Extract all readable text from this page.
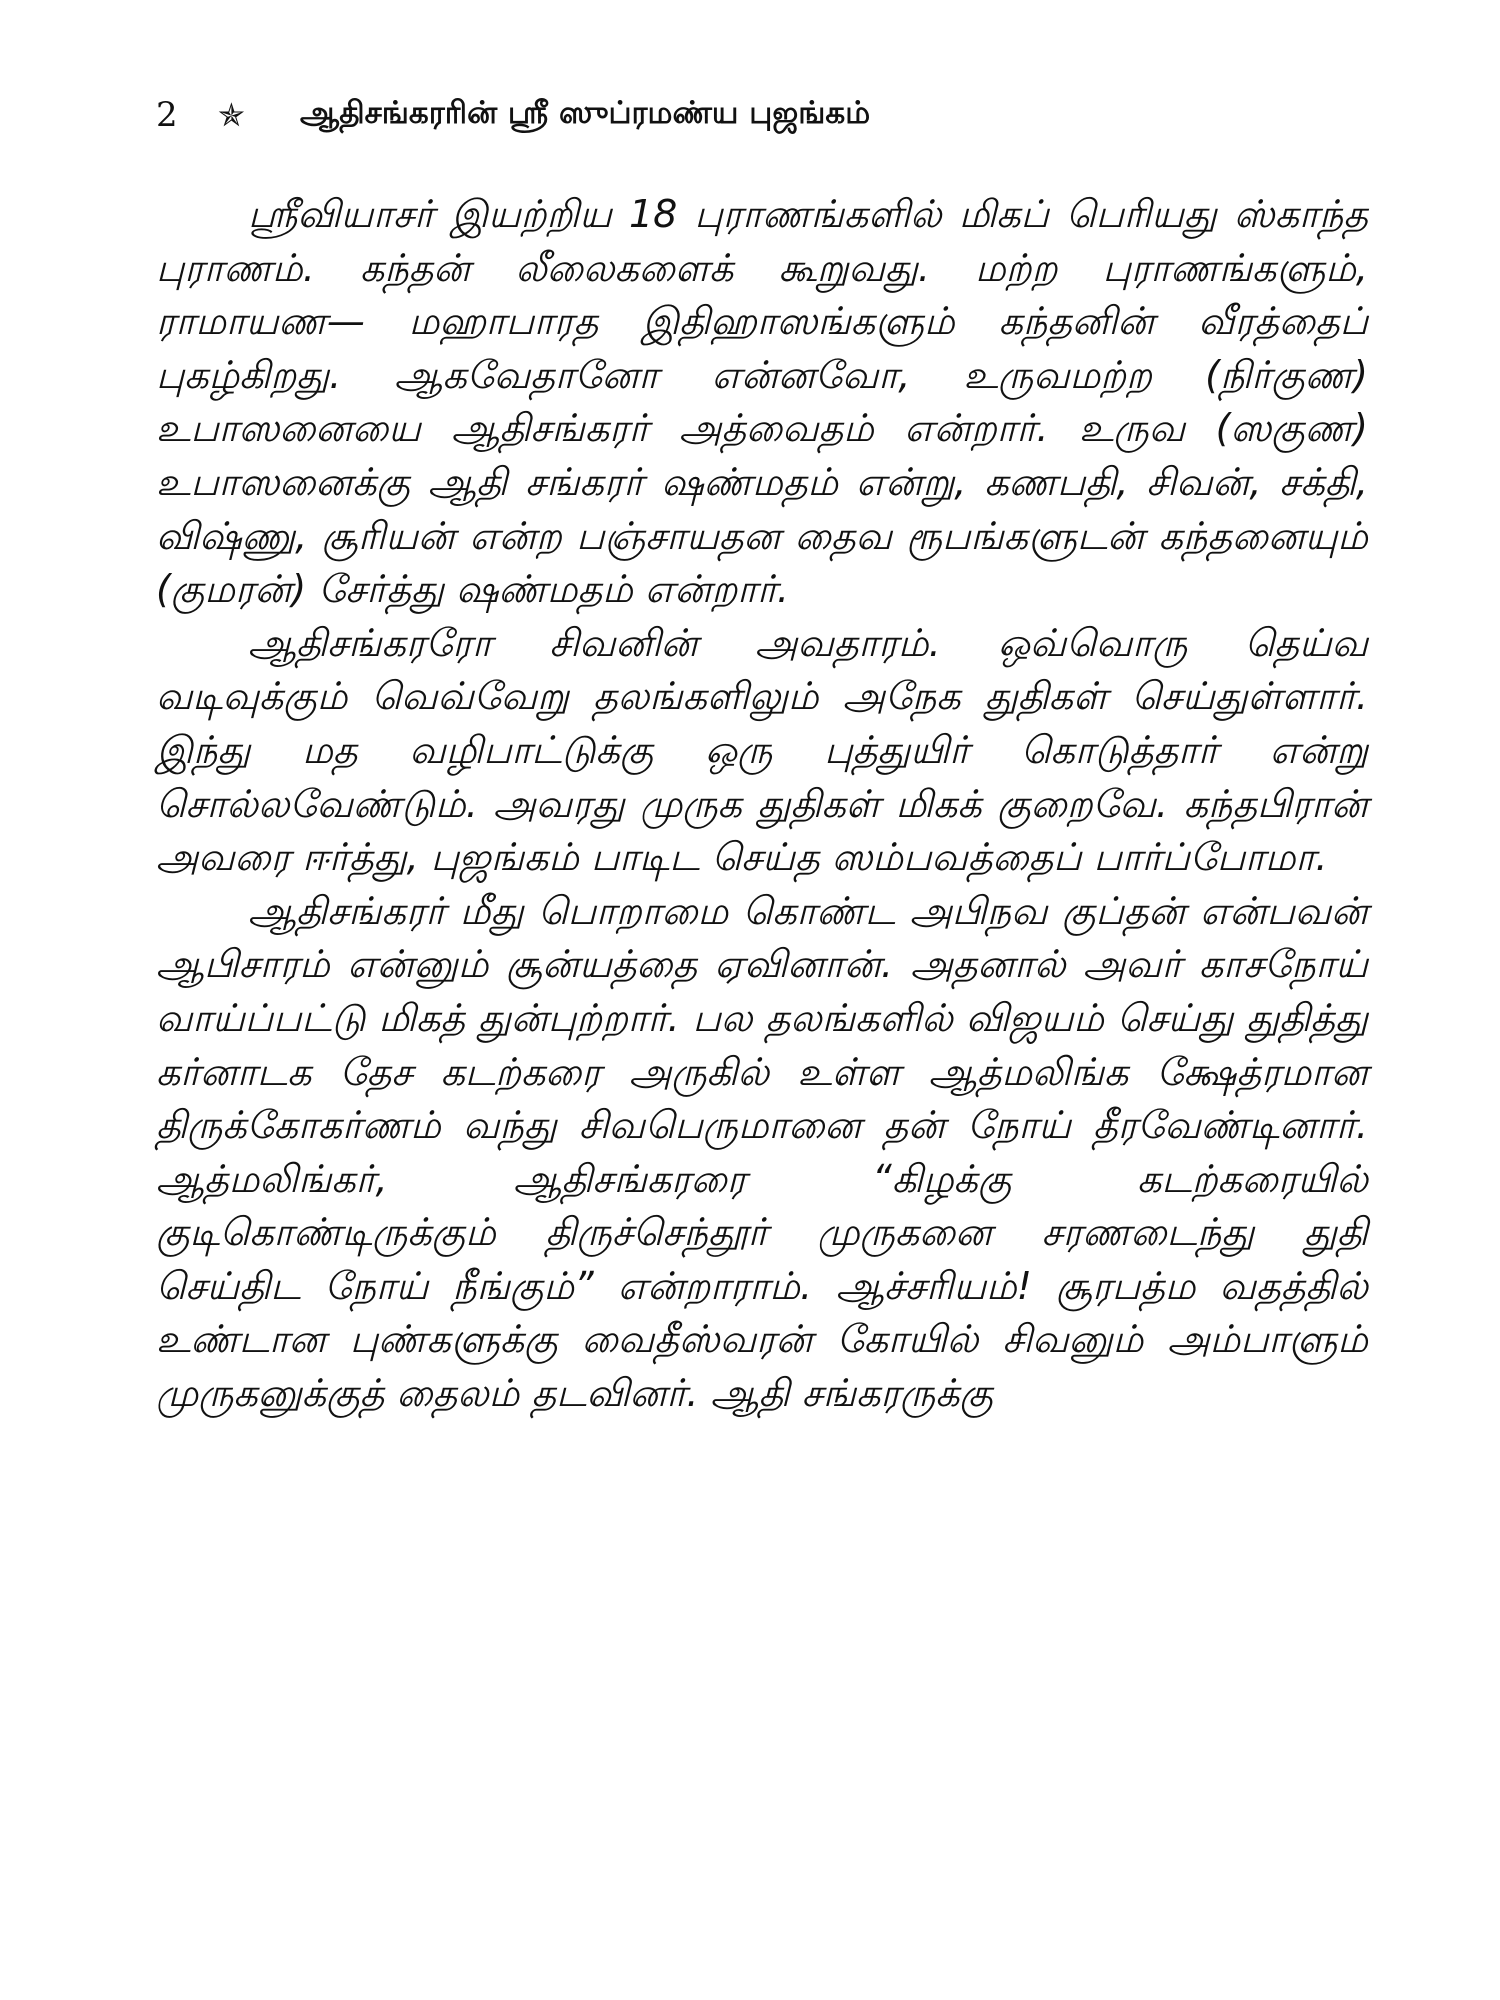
2	✯	ஆதிசங்கரரின் ஸ்ரீ ஸுப்ரமண்ய புஜங்கம்

ஸ்ரீவியாசர் இயற்றிய 18 புராணங்களில் மிகப் பெரியது ஸ்காந்த புராணம். கந்தன் லீலைகளைக் கூறுவது. மற்ற புராணங்களும், ராமாயண— மஹாபாரத இதிஹாஸங்களும் கந்தனின் வீரத்தைப் புகழ்கிறது. ஆகவேதானோ என்னவோ, உருவமற்ற (நிர்குண) உபாஸனையை ஆதிசங்கரர் அத்வைதம் என்றார். உருவ (ஸகுண) உபாஸனைக்கு ஆதி சங்கரர் ஷண்மதம் என்று, கணபதி, சிவன், சக்தி, விஷ்ணு, சூரியன் என்ற பஞ்சாயதன தைவ ரூபங்களுடன் கந்தனையும் (குமரன்) சேர்த்து ஷண்மதம் என்றார்.

ஆதிசங்கரரோ சிவனின் அவதாரம். ஒவ்வொரு தெய்வ வடிவுக்கும் வெவ்வேறு தலங்களிலும் அநேக துதிகள் செய்துள்ளார். இந்து மத வழிபாட்டுக்கு ஒரு புத்துயிர் கொடுத்தார் என்று சொல்லவேண்டும். அவரது முருக துதிகள் மிகக் குறைவே. கந்தபிரான் அவரை ஈர்த்து, புஜங்கம் பாடிட செய்த ஸம்பவத்தைப் பார்ப்போமா.

ஆதிசங்கரர் மீது பொறாமை கொண்ட அபிநவ குப்தன் என்பவன் ஆபிசாரம் என்னும் சூன்யத்தை ஏவினான். அதனால் அவர் காசநோய் வாய்ப்பட்டு மிகத் துன்புற்றார். பல தலங்களில் விஜயம் செய்து துதித்து கர்னாடக தேச கடற்கரை அருகில் உள்ள ஆத்மலிங்க க்ஷேத்ரமான திருக்கோகர்ணம் வந்து சிவபெருமானை தன் நோய் தீரவேண்டினார். ஆத்மலிங்கர், ஆதிசங்கரரை “கிழக்கு கடற்கரையில் குடிகொண்டிருக்கும் திருச்செந்தூர் முருகனை சரணடைந்து துதி செய்திட நோய் நீங்கும்” என்றாராம். ஆச்சரியம்! சூரபத்ம வதத்தில் உண்டான புண்களுக்கு வைதீஸ்வரன் கோயில் சிவனும் அம்பாளும் முருகனுக்குத் தைலம் தடவினர். ஆதி சங்கரருக்கு
